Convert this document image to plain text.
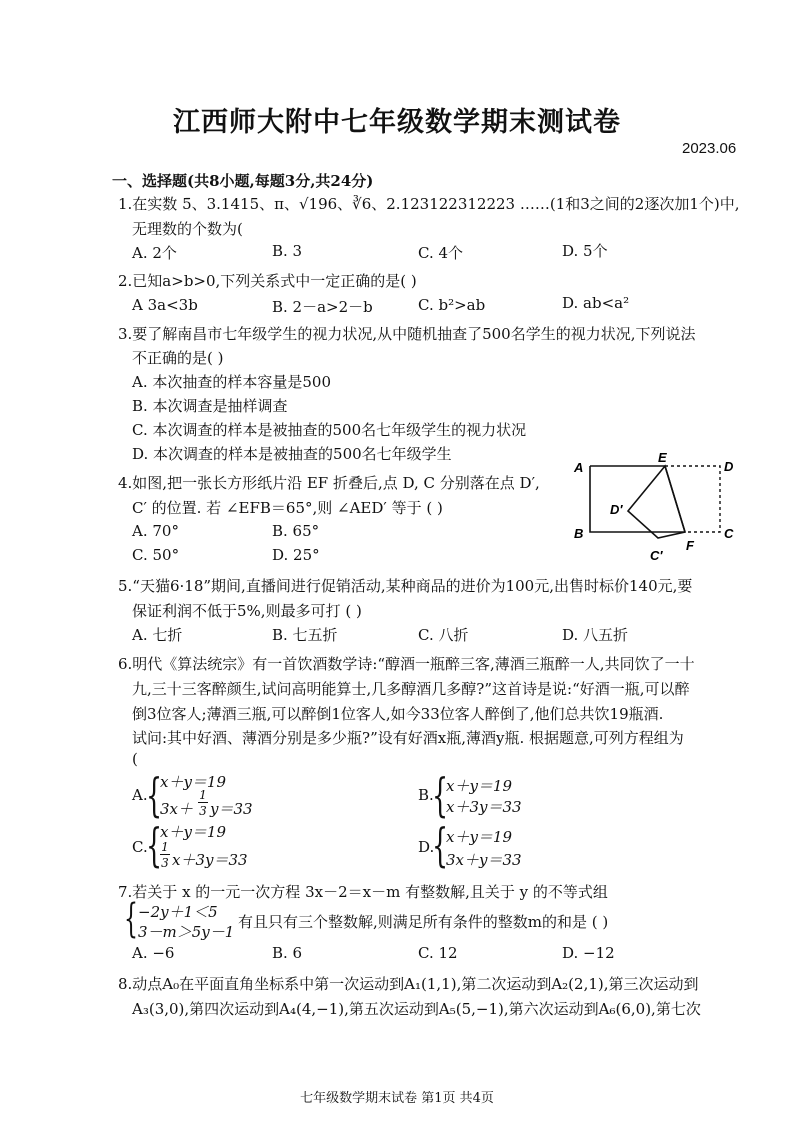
江西师大附中七年级数学期末测试卷
2023.06
一、选择题(共8小题,每题3分,共24分)
1.在实数 5̄、3.1415、π、√196、∛6、2.123122312223 ……(1和3之间的2逐次加1个)中,
无理数的个数为(
A. 2个	B. 3	C. 4个	D. 5个
2.已知a>b>0,下列关系式中一定正确的是( )
A 3a<3b	B. 2－a>2－b	C. b²>ab	D. ab<a²
3.要了解南昌市七年级学生的视力状况,从中随机抽查了500名学生的视力状况,下列说法
不正确的是( )
A. 本次抽查的样本容量是500
B. 本次调查是抽样调查
C. 本次调查的样本是被抽查的500名七年级学生的视力状况
D. 本次调查的样本是被抽查的500名七年级学生
4.如图,把一张长方形纸片沿 EF 折叠后,点 D, C 分别落在点 D′,
C′ 的位置. 若 ∠EFB＝65°,则 ∠AED′ 等于 ( )
A. 70°	B. 65°
C. 50°	D. 25°
A
E
D
D′
B
F
C
C′
5.“天猫6·18”期间,直播间进行促销活动,某种商品的进价为100元,出售时标价140元,要
保证利润不低于5%,则最多可打 ( )
A. 七折	B. 七五折	C. 八折	D. 八五折
6.明代《算法统宗》有一首饮酒数学诗:“醇酒一瓶醉三客,薄酒三瓶醉一人,共同饮了一十
九,三十三客醉颜生,试问高明能算士,几多醇酒几多醇?”这首诗是说:“好酒一瓶,可以醉
倒3位客人;薄酒三瓶,可以醉倒1位客人,如今33位客人醉倒了,他们总共饮19瓶酒.
试问:其中好酒、薄酒分别是多少瓶?”设有好酒x瓶,薄酒y瓶. 根据题意,可列方程组为
(
A.
{
x＋y＝19
3x＋
1
3 y＝33
B.
{
x＋y＝19
x＋3y＝33
C.
{
x＋y＝19
1
3 x＋3y＝33
D.
{
x＋y＝19
3x＋y＝33
7.若关于 x 的一元一次方程 3x－2＝x－m 有整数解,且关于 y 的不等式组
{ −2y＋1＜5
3－m＞5y－1
有且只有三个整数解,则满足所有条件的整数m的和是 ( )
A. −6	B. 6	C. 12	D. −12
8.动点A₀在平面直角坐标系中第一次运动到A₁(1,1),第二次运动到A₂(2,1),第三次运动到
A₃(3,0),第四次运动到A₄(4,−1),第五次运动到A₅(5,−1),第六次运动到A₆(6,0),第七次
七年级数学期末试卷 第1页 共4页
